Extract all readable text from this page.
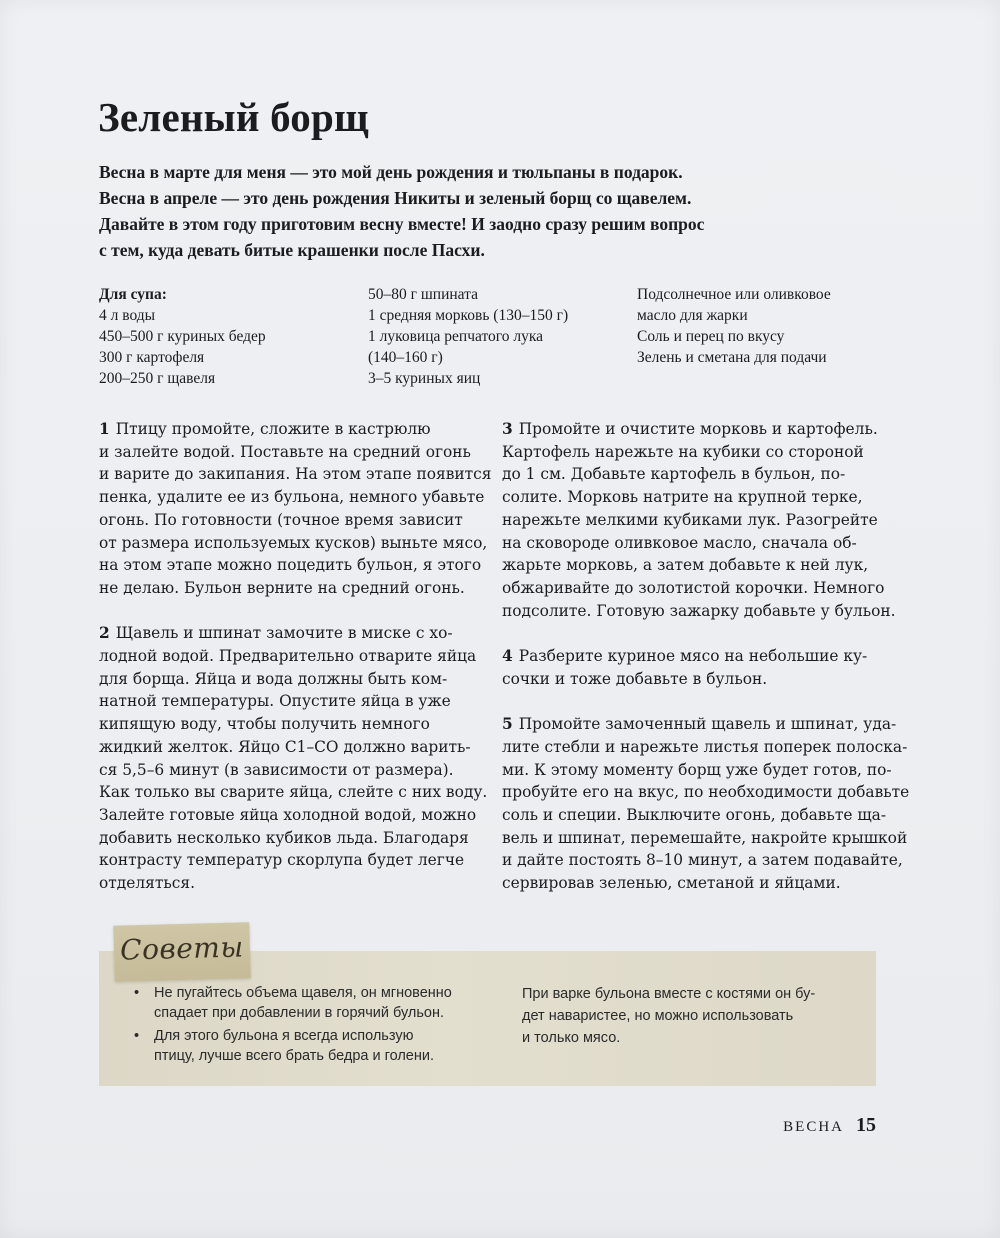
Зеленый борщ

Весна в марте для меня — это мой день рождения и тюльпаны в подарок.
Весна в апреле — это день рождения Никиты и зеленый борщ со щавелем.
Давайте в этом году приготовим весну вместе! И заодно сразу решим вопрос
с тем, куда девать битые крашенки после Пасхи.

Для супа:
4 л воды
450–500 г куриных бедер
300 г картофеля
200–250 г щавеля
50–80 г шпината
1 средняя морковь (130–150 г)
1 луковица репчатого лука
(140–160 г)
3–5 куриных яиц
Подсолнечное или оливковое
масло для жарки
Соль и перец по вкусу
Зелень и сметана для подачи
1 Птицу промойте, сложите в кастрюлю
и залейте водой. Поставьте на средний огонь
и варите до закипания. На этом этапе появится
пенка, удалите ее из бульона, немного убавьте
огонь. По готовности (точное время зависит
от размера используемых кусков) выньте мясо,
на этом этапе можно поцедить бульон, я этого
не делаю. Бульон верните на средний огонь.
2 Щавель и шпинат замочите в миске с хо-
лодной водой. Предварительно отварите яйца
для борща. Яйца и вода должны быть ком-
натной температуры. Опустите яйца в уже
кипящую воду, чтобы получить немного
жидкий желток. Яйцо С1–СО должно варить-
ся 5,5–6 минут (в зависимости от размера).
Как только вы сварите яйца, слейте с них воду.
Залейте готовые яйца холодной водой, можно
добавить несколько кубиков льда. Благодаря
контрасту температур скорлупа будет легче
отделяться.
3 Промойте и очистите морковь и картофель.
Картофель нарежьте на кубики со стороной
до 1 см. Добавьте картофель в бульон, по-
солите. Морковь натрите на крупной терке,
нарежьте мелкими кубиками лук. Разогрейте
на сковороде оливковое масло, сначала об-
жарьте морковь, а затем добавьте к ней лук,
обжаривайте до золотистой корочки. Немного
подсолите. Готовую зажарку добавьте у бульон.
4 Разберите куриное мясо на небольшие ку-
сочки и тоже добавьте в бульон.
5 Промойте замоченный щавель и шпинат, уда-
лите стебли и нарежьте листья поперек полоска-
ми. К этому моменту борщ уже будет готов, по-
пробуйте его на вкус, по необходимости добавьте
соль и специи. Выключите огонь, добавьте ща-
вель и шпинат, перемешайте, накройте крышкой
и дайте постоять 8–10 минут, а затем подавайте,
сервировав зеленью, сметаной и яйцами.
Советы
• Не пугайтесь объема щавеля, он мгновенно
спадает при добавлении в горячий бульон.
• Для этого бульона я всегда использую
птицу, лучше всего брать бедра и голени.
При варке бульона вместе с костями он бу-
дет наваристее, но можно использовать
и только мясо.
ВЕСНА 15
